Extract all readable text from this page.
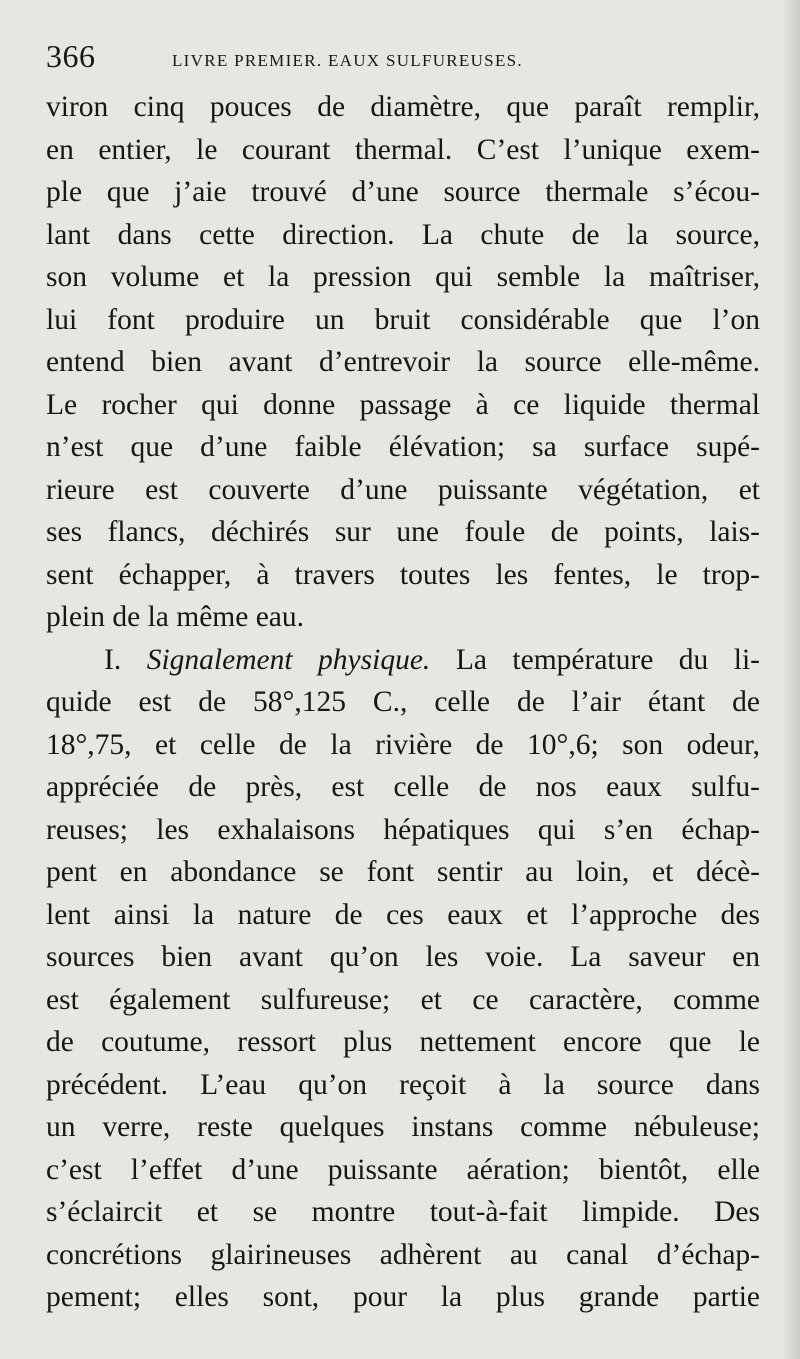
366	LIVRE PREMIER. EAUX SULFUREUSES.
viron cinq pouces de diamètre, que paraît remplir,
en entier, le courant thermal. C’est l’unique exem-
ple que j’aie trouvé d’une source thermale s’écou-
lant dans cette direction. La chute de la source,
son volume et la pression qui semble la maîtriser,
lui font produire un bruit considérable que l’on
entend bien avant d’entrevoir la source elle-même.
Le rocher qui donne passage à ce liquide thermal
n’est que d’une faible élévation; sa surface supé-
rieure est couverte d’une puissante végétation, et
ses flancs, déchirés sur une foule de points, lais-
sent échapper, à travers toutes les fentes, le trop-
plein de la même eau.
I. Signalement physique. La température du li-
quide est de 58°,125 C., celle de l’air étant de
18°,75, et celle de la rivière de 10°,6; son odeur,
appréciée de près, est celle de nos eaux sulfu-
reuses; les exhalaisons hépatiques qui s’en échap-
pent en abondance se font sentir au loin, et décè-
lent ainsi la nature de ces eaux et l’approche des
sources bien avant qu’on les voie. La saveur en
est également sulfureuse; et ce caractère, comme
de coutume, ressort plus nettement encore que le
précédent. L’eau qu’on reçoit à la source dans
un verre, reste quelques instans comme nébuleuse;
c’est l’effet d’une puissante aération; bientôt, elle
s’éclaircit et se montre tout-à-fait limpide. Des
concrétions glairineuses adhèrent au canal d’échap-
pement; elles sont, pour la plus grande partie
